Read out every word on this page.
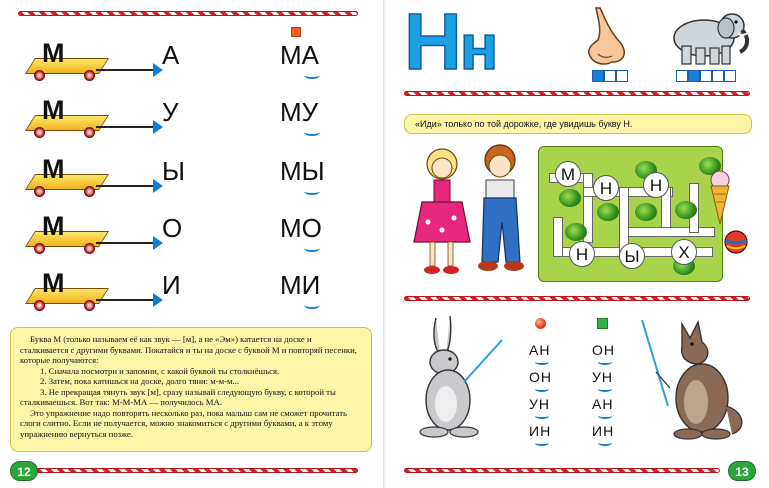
М	А	МА
М	У	МУ
М	Ы	МЫ
М	О	МО
М	И	МИ

Буква М (только называем её как звук — [м], а не «Эм») катается на доске и сталкивается с другими буквами. Покатайся и ты на доске с буквой М и повторяй песенки, которые получаются:

1. Сначала посмотри и запомни, с какой буквой ты столкнёшься.

2. Затем, пока катишься на доске, долго тяни: м-м-м...

3. Не прекращая тянуть звук [м], сразу называй следующую букву, с которой ты сталкиваешься. Вот так: М-М-МА — получилось МА.

Это упражнение надо повторять несколько раз, пока малыш сам не сможет прочитать слоги слитно. Если не получается, можно знакомиться с другими буквами, а к этому упражнению вернуться позже.

12
Нн
«Иди» только по той дорожке, где увидишь букву Н.
М
Н	Н
Н	Ы	Х
АН
ОН
УН
ИН
ОН
УН
АН
ИН
13
